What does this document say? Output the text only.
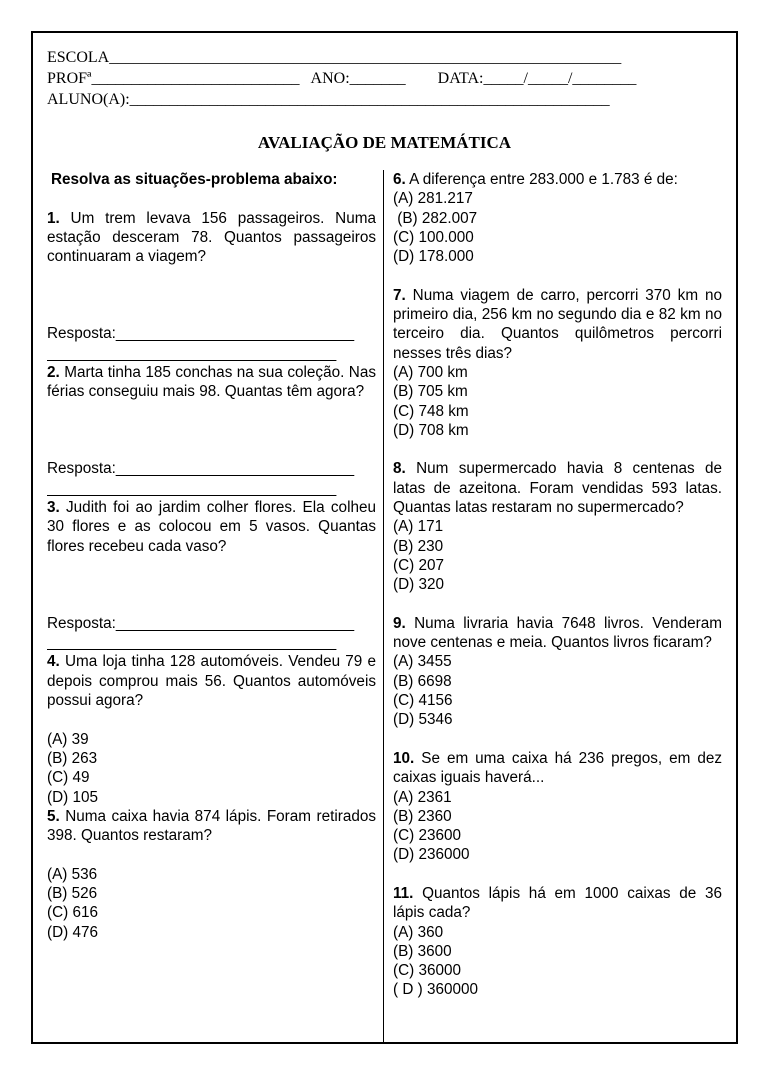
ESCOLA________________________________________________________________

PROFª__________________________   ANO:_______        DATA:_____/_____/________

ALUNO(A):____________________________________________________________

AVALIAÇÃO DE MATEMÁTICA

Resolva as situações-problema abaixo:

1. Um trem levava 156 passageiros. Numa estação desceram 78. Quantos passageiros continuaram a viagem?

Resposta:____________________________

__________________________________

2. Marta tinha 185 conchas na sua coleção. Nas férias conseguiu mais 98. Quantas têm agora?

Resposta:____________________________

__________________________________

3. Judith foi ao jardim colher flores. Ela colheu 30 flores e as colocou em 5 vasos. Quantas flores recebeu cada vaso?

Resposta:____________________________

__________________________________

4. Uma loja tinha 128 automóveis. Vendeu 79 e depois comprou mais 56. Quantos automóveis possui agora?

(A) 39

(B) 263

(C) 49

(D) 105

5. Numa caixa havia 874 lápis. Foram retirados 398. Quantos restaram?

(A) 536

(B) 526

(C) 616

(D) 476

6. A diferença entre 283.000 e 1.783 é de:

(A) 281.217

(B) 282.007

(C) 100.000

(D) 178.000

7. Numa viagem de carro, percorri 370 km no primeiro dia, 256 km no segundo dia e 82 km no terceiro dia. Quantos quilômetros percorri nesses três dias?

(A) 700 km

(B) 705 km

(C) 748 km

(D) 708 km

8. Num supermercado havia 8 centenas de latas de azeitona. Foram vendidas 593 latas. Quantas latas restaram no supermercado?

(A) 171

(B) 230

(C) 207

(D) 320

9. Numa livraria havia 7648 livros. Venderam nove centenas e meia. Quantos livros ficaram?

(A) 3455

(B) 6698

(C) 4156

(D) 5346

10. Se em uma caixa há 236 pregos, em dez caixas iguais haverá...

(A) 2361

(B) 2360

(C) 23600

(D) 236000

11. Quantos lápis há em 1000 caixas de 36 lápis cada?

(A) 360

(B) 3600

(C) 36000

( D ) 360000
